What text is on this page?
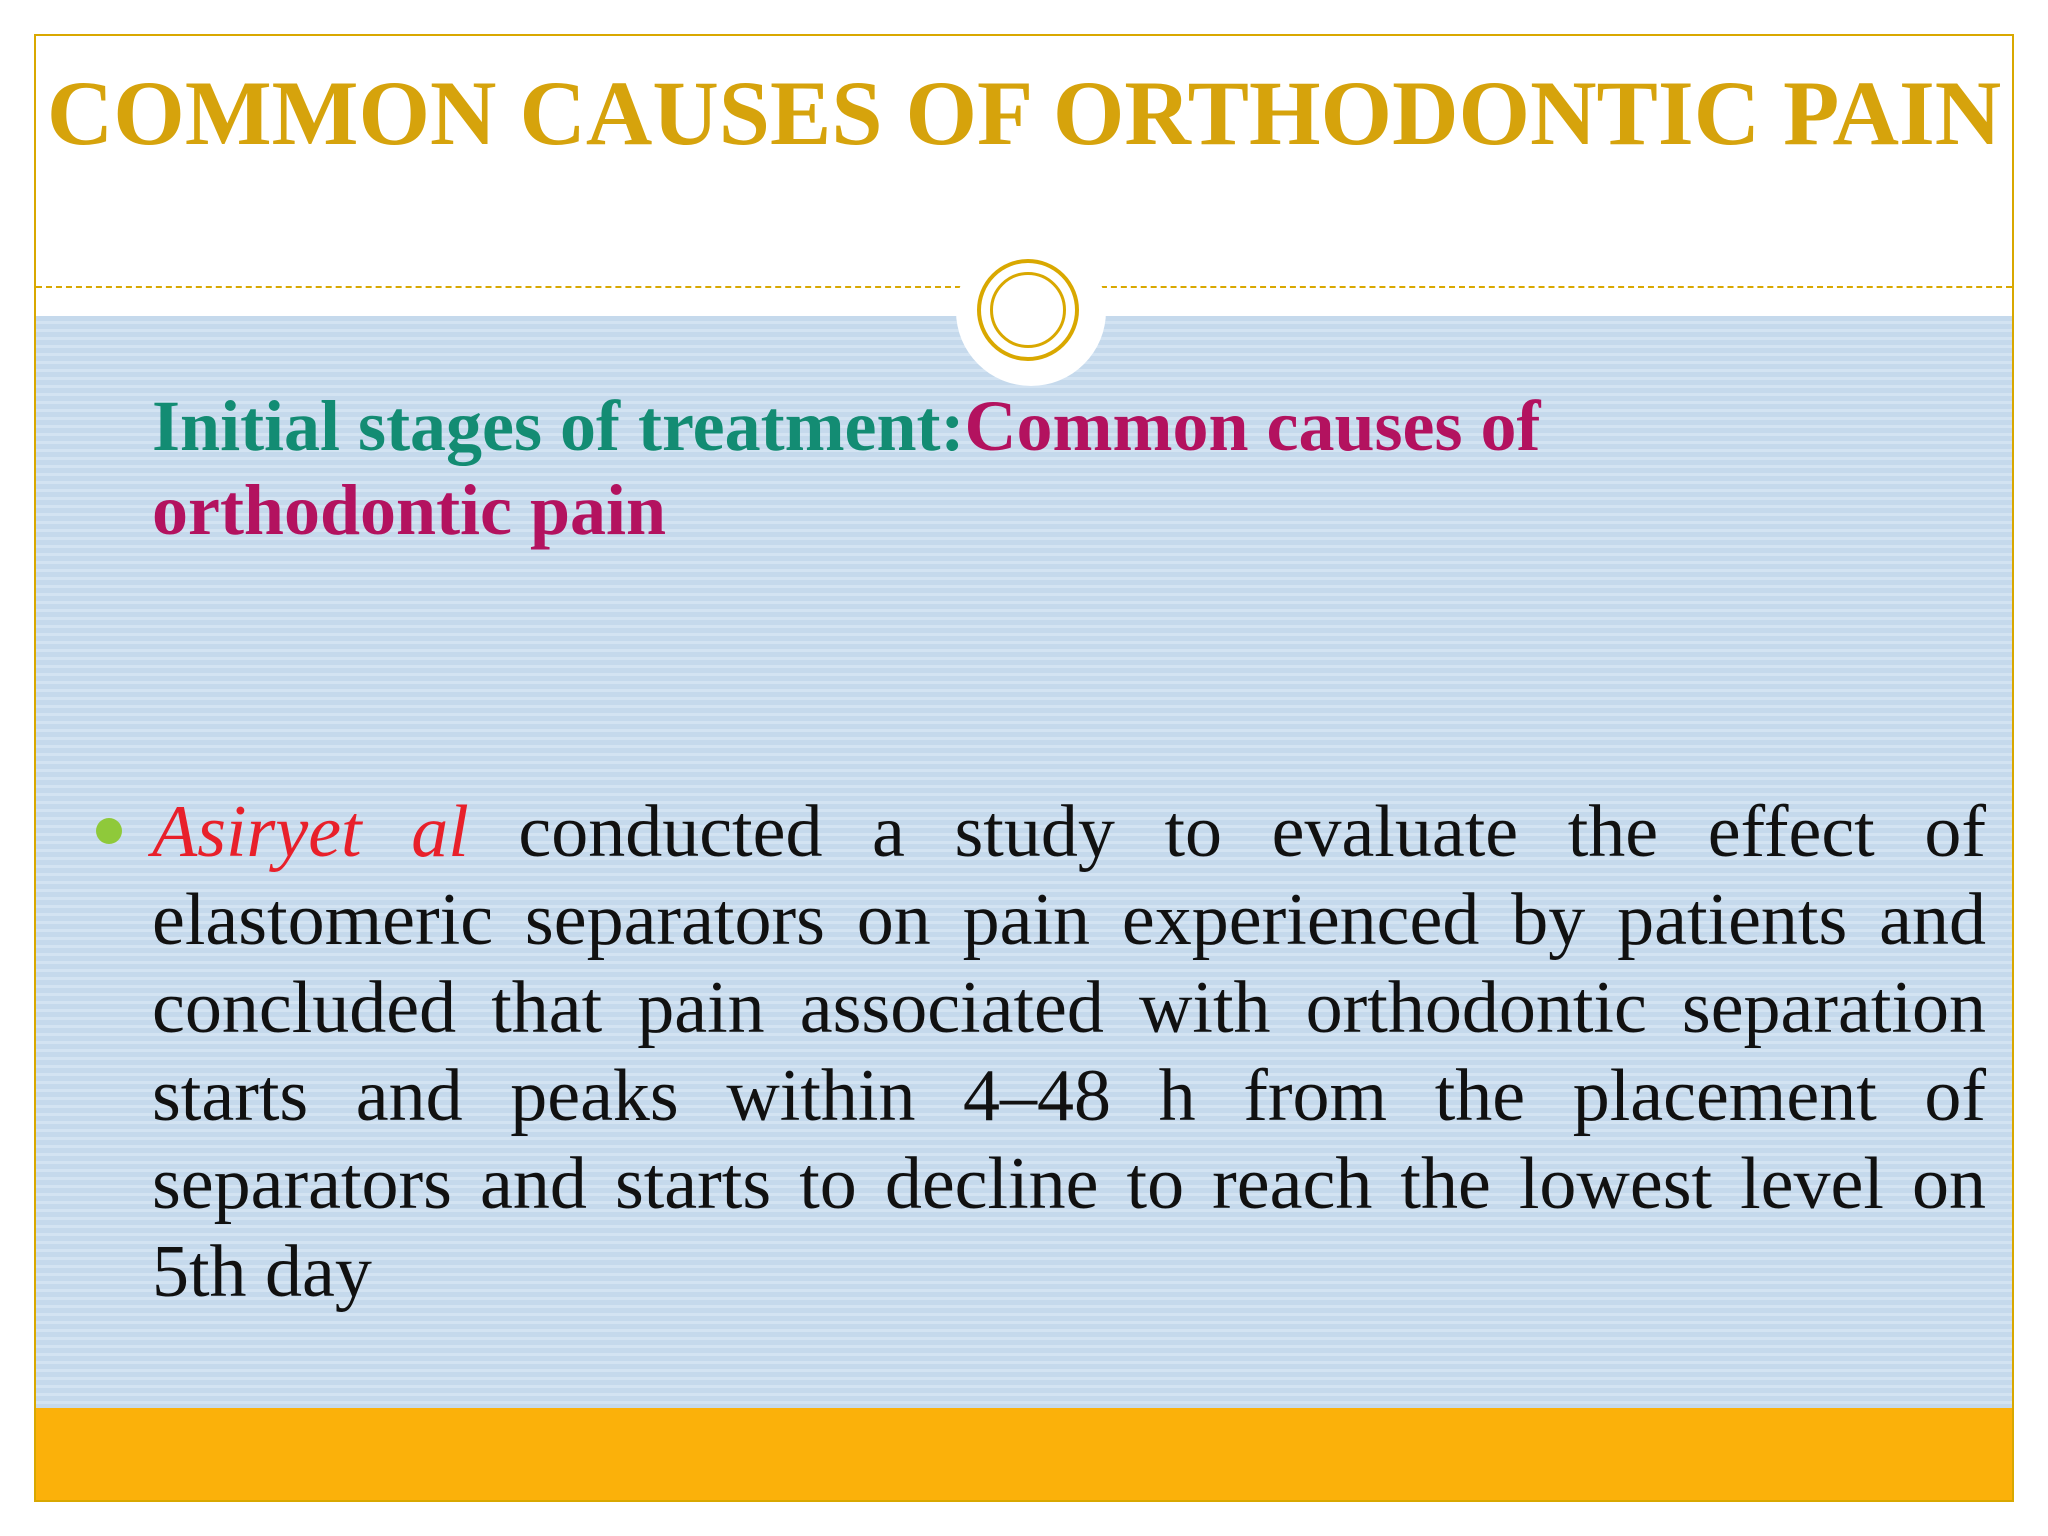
COMMON CAUSES OF ORTHODONTIC PAIN

Initial stages of treatment:Common causes of orthodontic pain

Asiryet al conducted a study to evaluate the effect of elastomeric separators on pain experienced by patients and concluded that pain associated with orthodontic separation starts and peaks within 4–48 h from the placement of separators and starts to decline to reach the lowest level on 5th day
